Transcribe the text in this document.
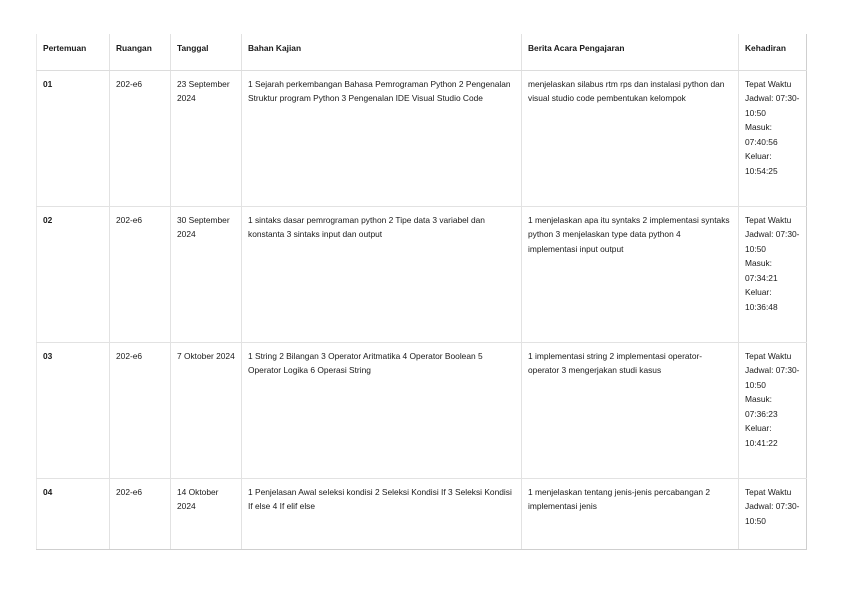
Pertemuan	Ruangan	Tanggal	Bahan Kajian	Berita Acara Pengajaran	Kehadiran
01	202-e6	23 September 2024	1 Sejarah perkembangan Bahasa Pemrograman Python 2 Pengenalan Struktur program Python 3 Pengenalan IDE Visual Studio Code	menjelaskan silabus rtm rps dan instalasi python dan visual studio code pembentukan kelompok	Tepat Waktu
Jadwal: 07:30-10:50
Masuk: 07:40:56
Keluar: 10:54:25

02	202-e6	30 September 2024	1 sintaks dasar pemrograman python 2 Tipe data 3 variabel dan konstanta 3 sintaks input dan output	1 menjelaskan apa itu syntaks 2 implementasi syntaks python 3 menjelaskan type data python 4 implementasi input output	Tepat Waktu
Jadwal: 07:30-10:50
Masuk: 07:34:21
Keluar: 10:36:48

03	202-e6	7 Oktober 2024	1 String 2 Bilangan 3 Operator Aritmatika 4 Operator Boolean 5 Operator Logika 6 Operasi String	1 implementasi string 2 implementasi operator-operator 3 mengerjakan studi kasus	Tepat Waktu
Jadwal: 07:30-10:50
Masuk: 07:36:23
Keluar: 10:41:22

04	202-e6	14 Oktober 2024	1 Penjelasan Awal seleksi kondisi 2 Seleksi Kondisi If 3 Seleksi Kondisi If else 4 If elif else	1 menjelaskan tentang jenis-jenis percabangan 2 implementasi jenis	Tepat Waktu
Jadwal: 07:30-10:50
